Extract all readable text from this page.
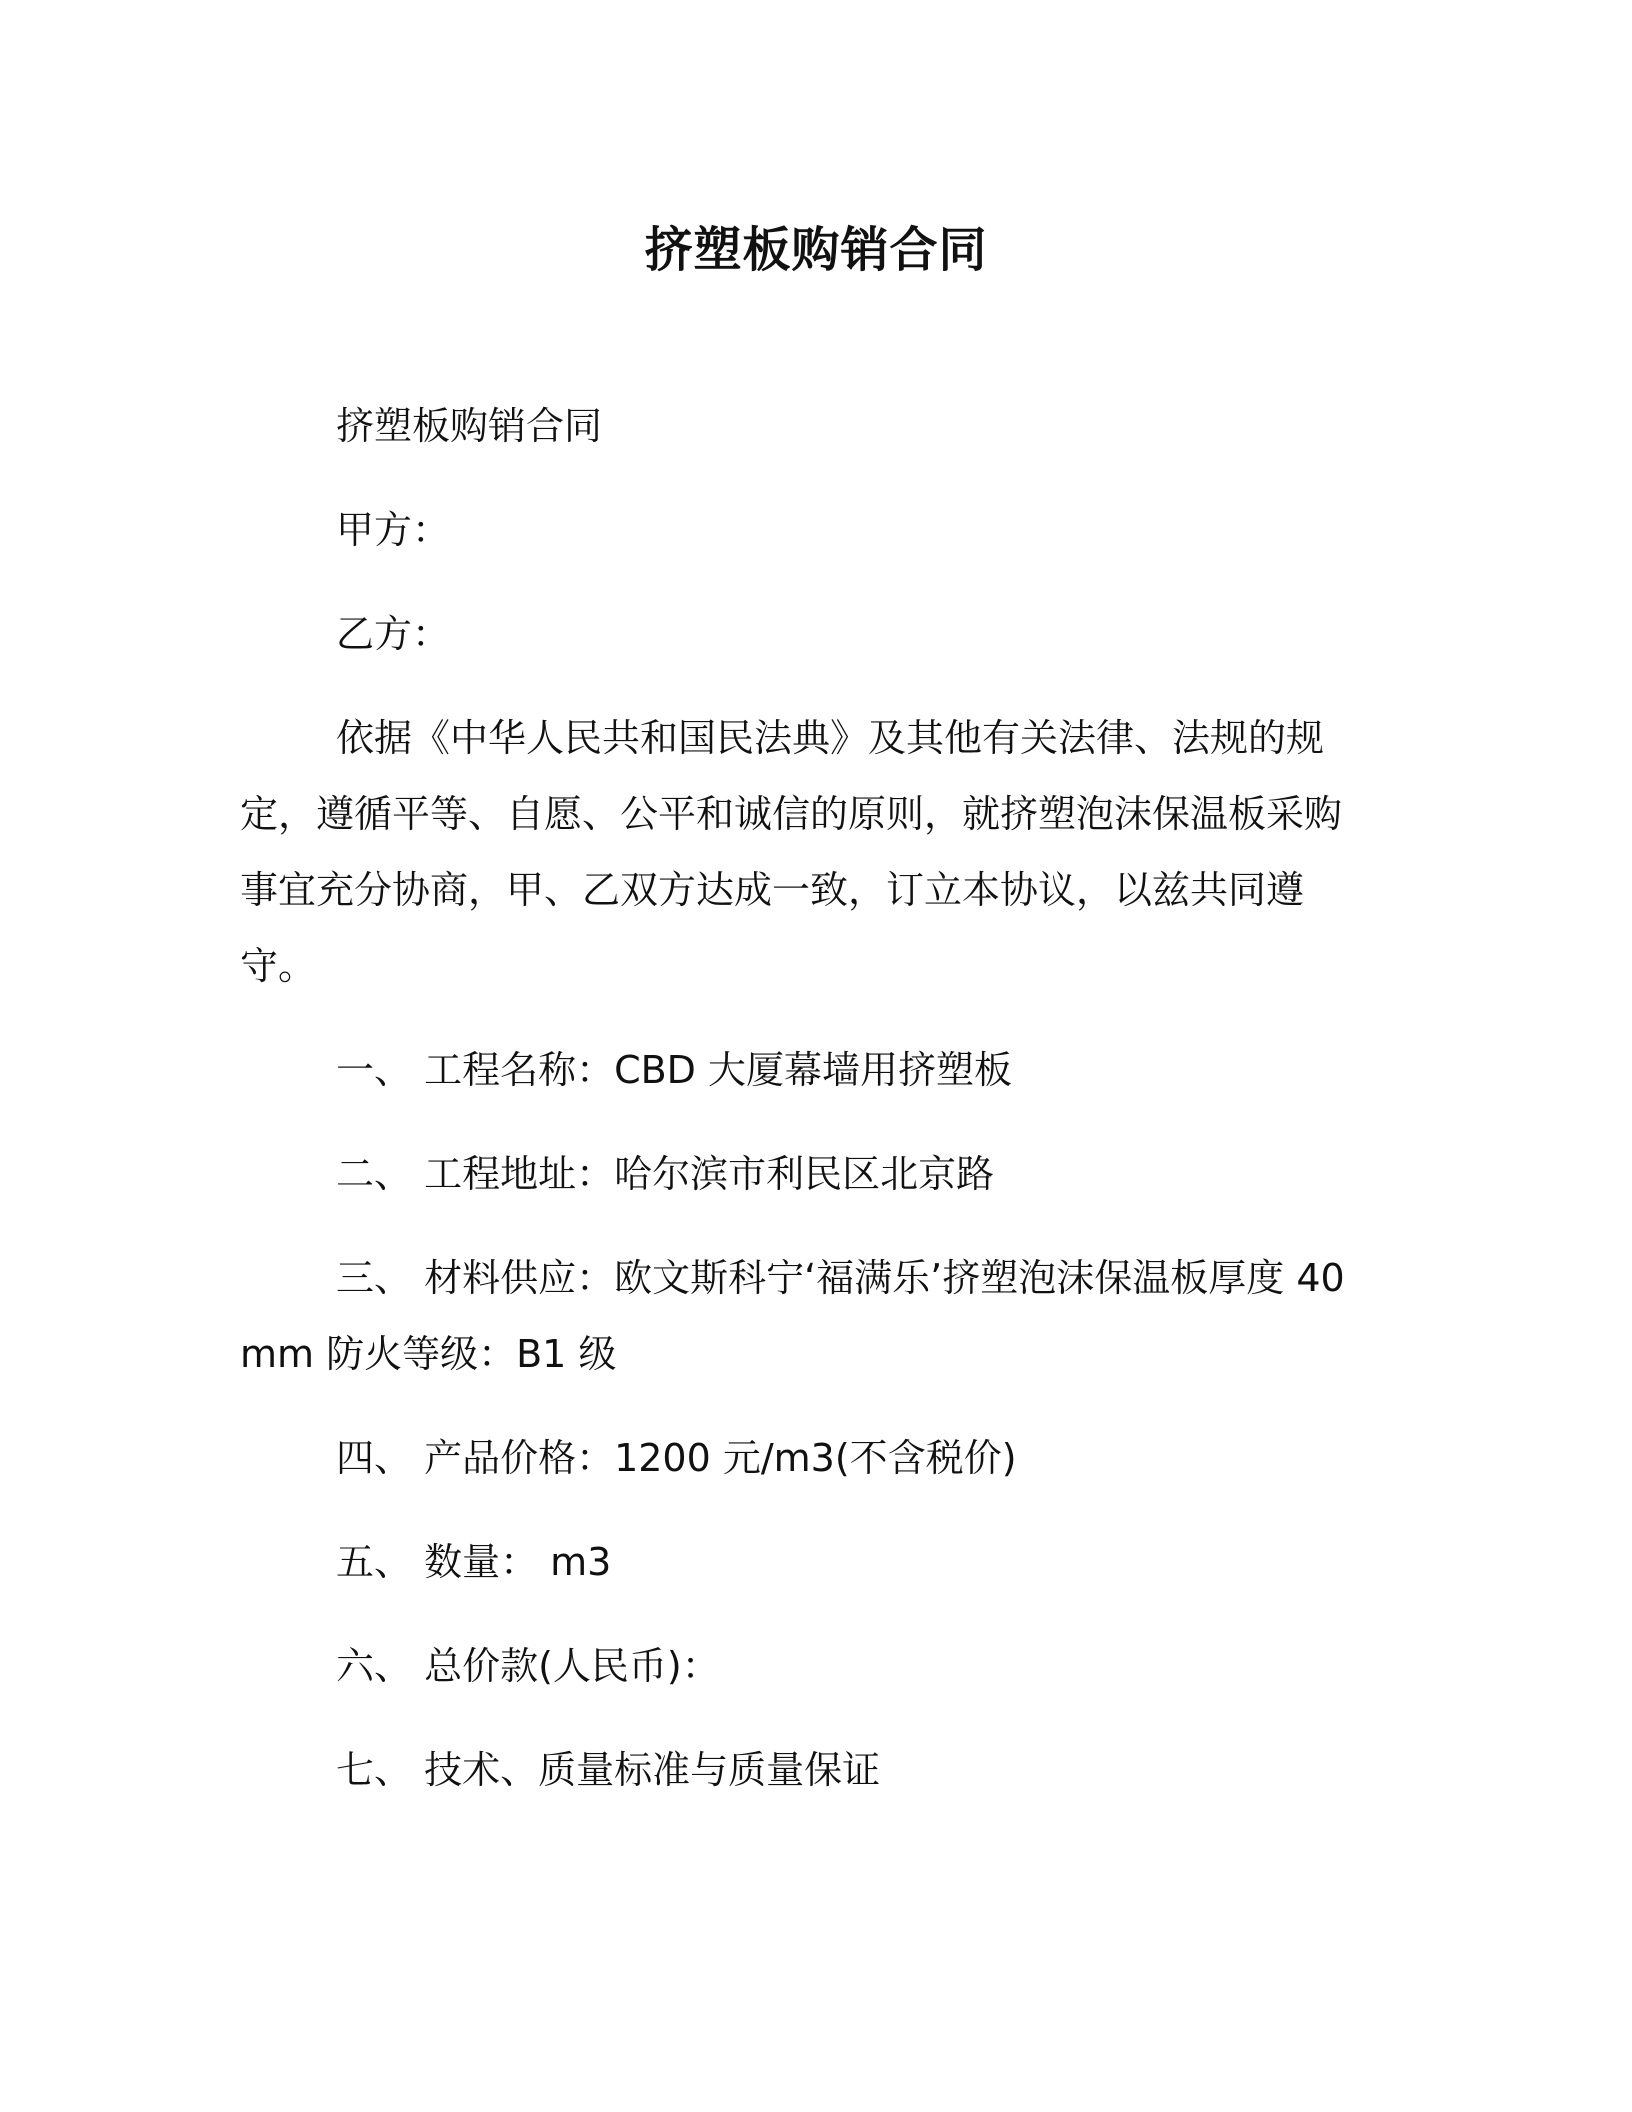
挤塑板购销合同

挤塑板购销合同

甲方：

乙方：

依据《中华人民共和国民法典》及其他有关法律、法规的规定，遵循平等、自愿、公平和诚信的原则，就挤塑泡沫保温板采购事宜充分协商，甲、乙双方达成一致，订立本协议，以兹共同遵守。

一、 工程名称：CBD 大厦幕墙用挤塑板

二、 工程地址：哈尔滨市利民区北京路

三、 材料供应：欧文斯科宁‘福满乐’挤塑泡沫保温板厚度 40mm 防火等级：B1 级

四、 产品价格：1200 元/m3(不含税价)

五、 数量： m3

六、 总价款(人民币)：

七、 技术、质量标准与质量保证
